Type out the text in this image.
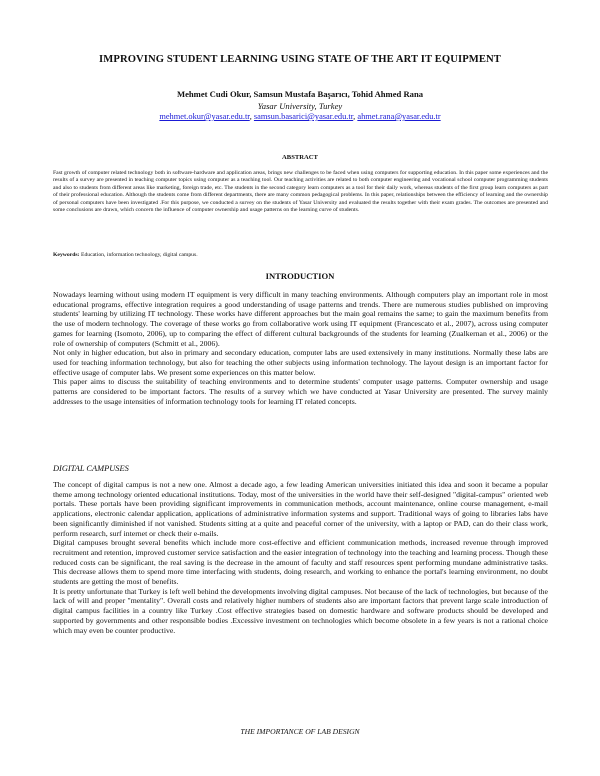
IMPROVING STUDENT LEARNING USING STATE OF THE ART IT EQUIPMENT
Mehmet Cudi Okur, Samsun Mustafa Başarıcı, Tohid Ahmed Rana
Yasar University, Turkey
mehmet.okur@yasar.edu.tr, samsun.basarici@yasar.edu.tr, ahmet.rana@yasar.edu.tr
ABSTRACT
Fast growth of computer related technology both in software-hardware and application areas, brings new challenges to be faced when using computers for supporting education. In this paper some experiences and the results of a survey are presented in teaching computer topics using computer as a teaching tool. Our teaching activities are related to both computer engineering and vocational school computer programming students and also to students from different areas like marketing, foreign trade, etc. The students in the second category learn computers as a tool for their daily work, whereas students of the first group learn computers as part of their professional education. Although the students come from different departments, there are many common pedagogical problems. In this paper, relationships between the efficiency of learning and the ownership of personal computers have been investigated .For this purpose, we conducted a survey on the students of Yasar University and evaluated the results together with their exam grades. The outcomes are presented and some conclusions are drawn, which concern the influence of computer ownership and usage patterns on the learning curve of students.
Keywords: Education, information technology, digital campus.
INTRODUCTION

Nowadays learning without using modern IT equipment is very difficult in many teaching environments. Although computers play an important role in most educational programs, effective integration requires a good understanding of usage patterns and trends. There are numerous studies published on improving students' learning by utilizing IT technology. These works have different approaches but the main goal remains the same; to gain the maximum benefits from the use of modern technology. The coverage of these works go from collaborative work using IT equipment (Francescato et al., 2007), across using computer games for learning (Isomoto, 2006), up to comparing the effect of different cultural backgrounds of the students for learning (Zualkernan et al., 2006) or the role of ownership of computers (Schmitt et al., 2006).

Not only in higher education, but also in primary and secondary education, computer labs are used extensively in many institutions. Normally these labs are used for teaching information technology, but also for teaching the other subjects using information technology. The layout design is an important factor for effective usage of computer labs. We present some experiences on this matter below.

This paper aims to discuss the suitability of teaching environments and to determine students' computer usage patterns. Computer ownership and usage patterns are considered to be important factors. The results of a survey which we have conducted at Yasar University are presented. The survey mainly addresses to the usage intensities of information technology tools for learning IT related concepts.

DIGITAL CAMPUSES

The concept of digital campus is not a new one. Almost a decade ago, a few leading American universities initiated this idea and soon it became a popular theme among technology oriented educational institutions. Today, most of the universities in the world have their self-designed "digital-campus" oriented web portals. These portals have been providing significant improvements in communication methods, account maintenance, online course management, e-mail applications, electronic calendar application, applications of administrative information systems and support. Traditional ways of going to libraries labs have been significantly diminished if not vanished. Students sitting at a quite and peaceful corner of the university, with a laptop or PAD, can do their class work, perform research, surf internet or check their e-mails.

Digital campuses brought several benefits which include more cost-effective and efficient communication methods, increased revenue through improved recruitment and retention, improved customer service satisfaction and the easier integration of technology into the teaching and learning process. Though these reduced costs can be significant, the real saving is the decrease in the amount of faculty and staff resources spent performing mundane administrative tasks. This decrease allows them to spend more time interfacing with students, doing research, and working to enhance the portal's learning environment, no doubt students are getting the most of benefits.

It is pretty unfortunate that Turkey is left well behind the developments involving digital campuses. Not because of the lack of technologies, but because of the lack of will and proper "mentality". Overall costs and relatively higher numbers of students also are important factors that prevent large scale introduction of digital campus facilities in a country like Turkey .Cost effective strategies based on domestic hardware and software products should be developed and supported by governments and other responsible bodies .Excessive investment on technologies which become obsolete in a few years is not a rational choice which may even be counter productive.

THE IMPORTANCE OF LAB DESIGN
